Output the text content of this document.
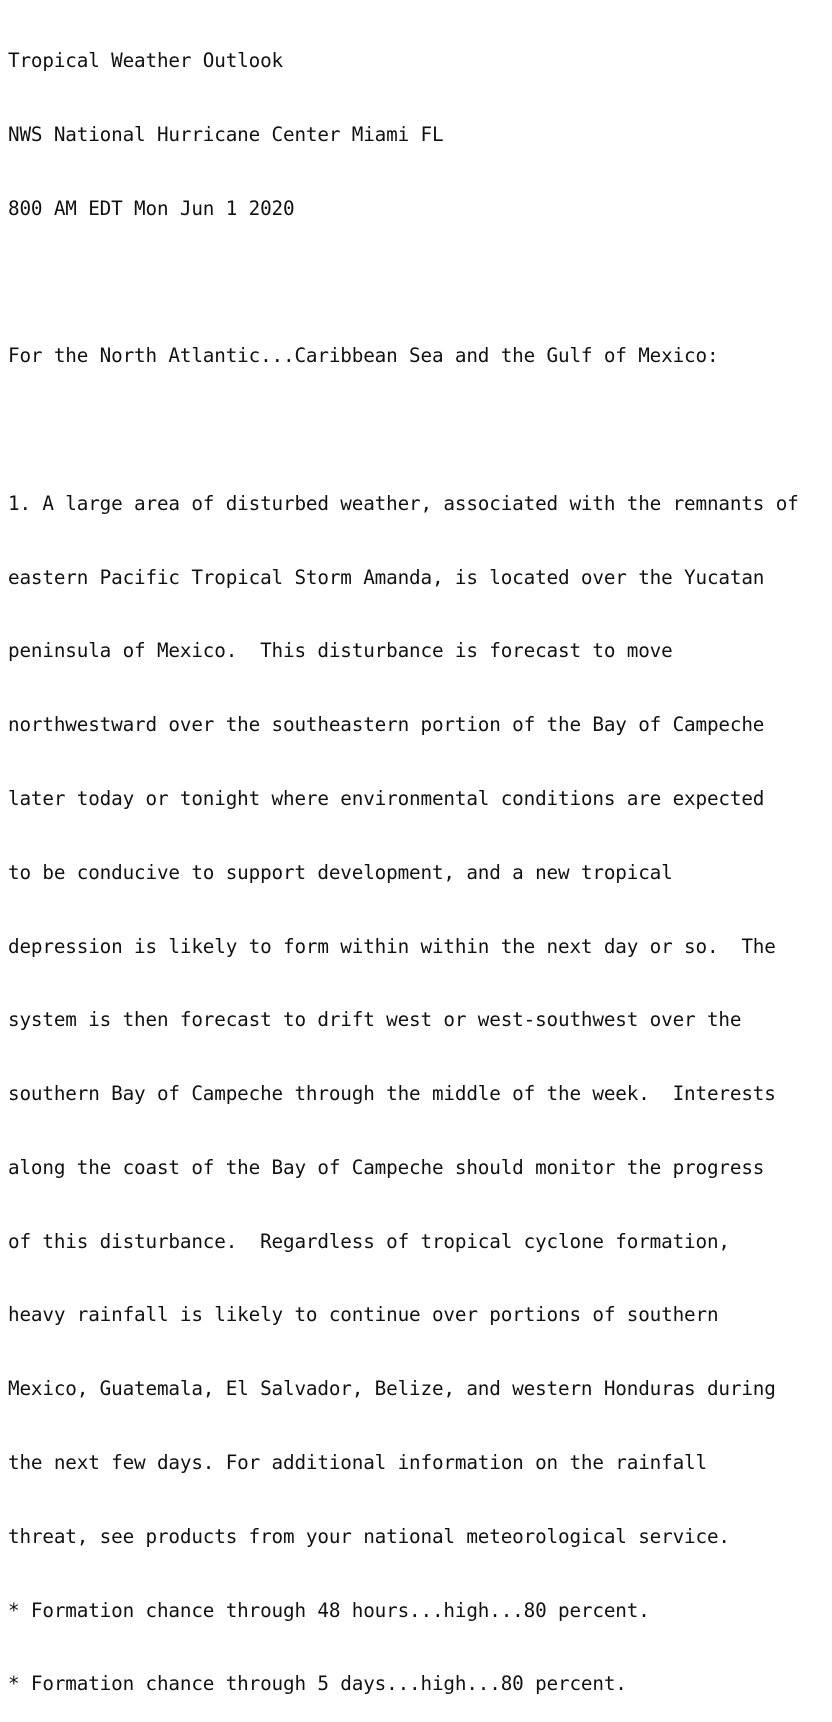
Tropical Weather Outlook

NWS National Hurricane Center Miami FL

800 AM EDT Mon Jun 1 2020

For the North Atlantic...Caribbean Sea and the Gulf of Mexico:

1. A large area of disturbed weather, associated with the remnants of

eastern Pacific Tropical Storm Amanda, is located over the Yucatan

peninsula of Mexico.  This disturbance is forecast to move

northwestward over the southeastern portion of the Bay of Campeche

later today or tonight where environmental conditions are expected

to be conducive to support development, and a new tropical

depression is likely to form within within the next day or so.  The

system is then forecast to drift west or west-southwest over the

southern Bay of Campeche through the middle of the week.  Interests

along the coast of the Bay of Campeche should monitor the progress

of this disturbance.  Regardless of tropical cyclone formation,

heavy rainfall is likely to continue over portions of southern

Mexico, Guatemala, El Salvador, Belize, and western Honduras during

the next few days. For additional information on the rainfall

threat, see products from your national meteorological service.

* Formation chance through 48 hours...high...80 percent.

* Formation chance through 5 days...high...80 percent.
